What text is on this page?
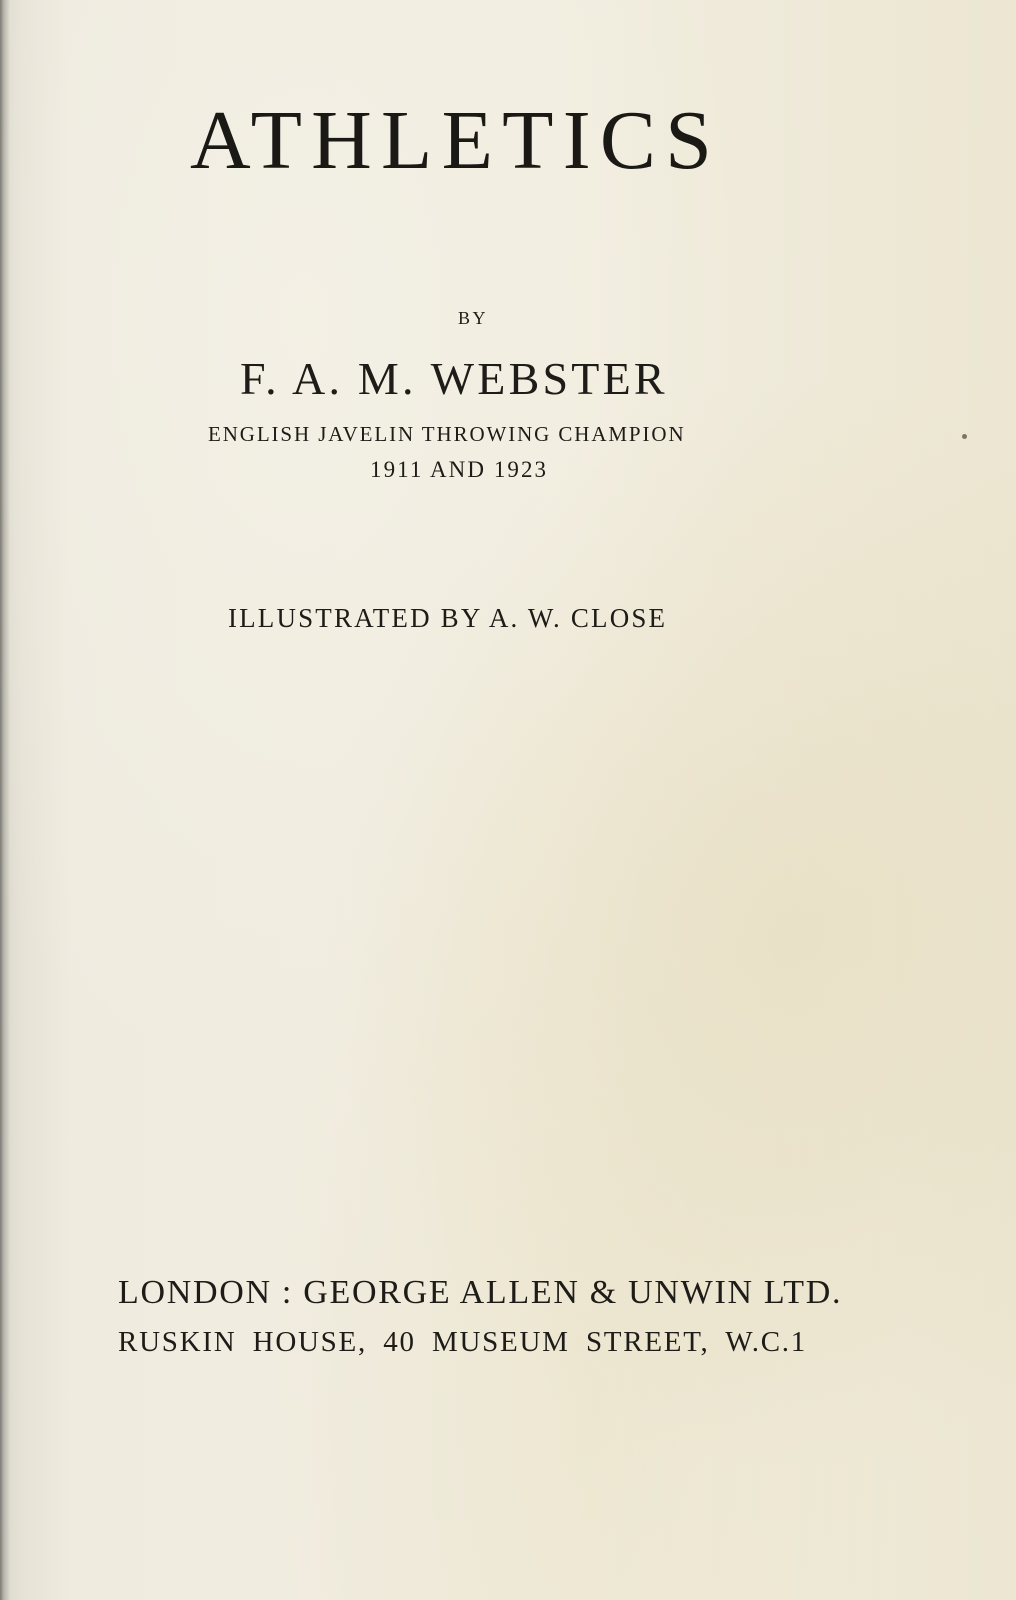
ATHLETICS

BY

F. A. M. WEBSTER

ENGLISH JAVELIN THROWING CHAMPION

1911 AND 1923

ILLUSTRATED BY A. W. CLOSE

LONDON : GEORGE ALLEN & UNWIN LTD.

RUSKIN HOUSE, 40 MUSEUM STREET, W.C.1
